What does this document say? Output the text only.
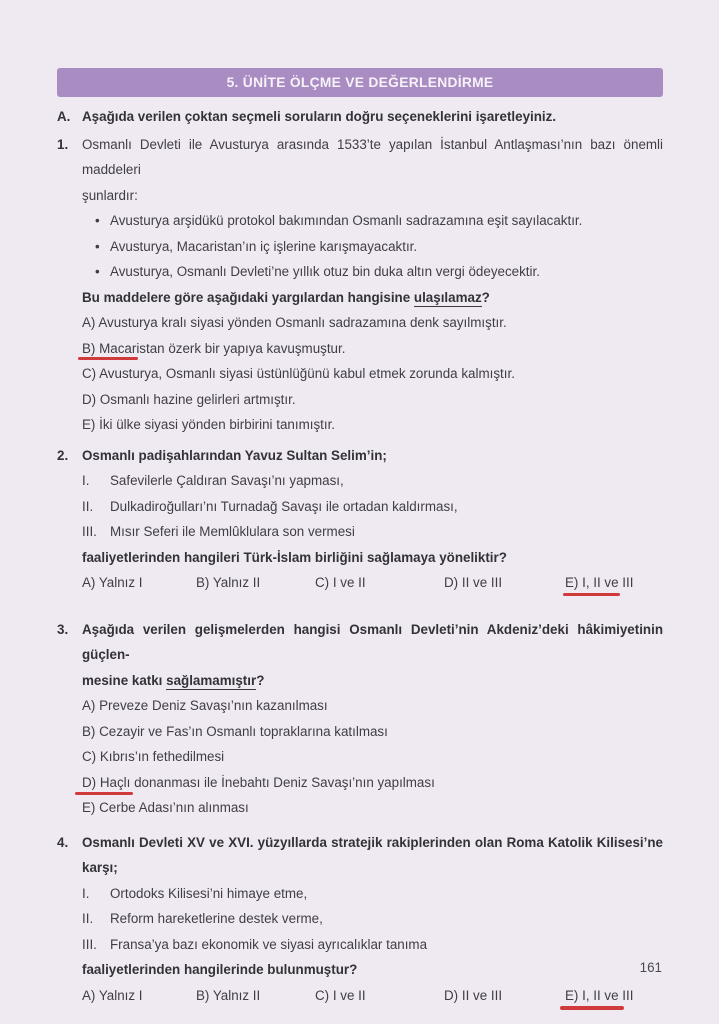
5. ÜNİTE ÖLÇME VE DEĞERLENDİRME
A. Aşağıda verilen çoktan seçmeli soruların doğru seçeneklerini işaretleyiniz.
1.	Osmanlı Devleti ile Avusturya arasında 1533’te yapılan İstanbul Antlaşması’nın bazı önemli maddeleri
şunlardır:
• Avusturya arşidükü protokol bakımından Osmanlı sadrazamına eşit sayılacaktır.
• Avusturya, Macaristan’ın iç işlerine karışmayacaktır.
• Avusturya, Osmanlı Devleti’ne yıllık otuz bin duka altın vergi ödeyecektir.
Bu maddelere göre aşağıdaki yargılardan hangisine ulaşılamaz?
A) Avusturya kralı siyasi yönden Osmanlı sadrazamına denk sayılmıştır.
B) Macaristan özerk bir yapıya kavuşmuştur.
C) Avusturya, Osmanlı siyasi üstünlüğünü kabul etmek zorunda kalmıştır.
D) Osmanlı hazine gelirleri artmıştır.
E) İki ülke siyasi yönden birbirini tanımıştır.
2.	Osmanlı padişahlarından Yavuz Sultan Selim’in;
I. Safevilerle Çaldıran Savaşı’nı yapması,
II. Dulkadiroğulları’nı Turnadağ Savaşı ile ortadan kaldırması,
III. Mısır Seferi ile Memlûklulara son vermesi
faaliyetlerinden hangileri Türk-İslam birliğini sağlamaya yöneliktir?
A) Yalnız I	B) Yalnız II	C) I ve II	D) II ve III	E) I, II ve III
3.	Aşağıda verilen gelişmelerden hangisi Osmanlı Devleti’nin Akdeniz’deki hâkimiyetinin güçlen-
mesine katkı sağlamamıştır?
A) Preveze Deniz Savaşı’nın kazanılması
B) Cezayir ve Fas’ın Osmanlı topraklarına katılması
C) Kıbrıs’ın fethedilmesi
D) Haçlı donanması ile İnebahtı Deniz Savaşı’nın yapılması
E) Cerbe Adası’nın alınması
4.	Osmanlı Devleti XV ve XVI. yüzyıllarda stratejik rakiplerinden olan Roma Katolik Kilisesi’ne
karşı;
I. Ortodoks Kilisesi’ni himaye etme,
II. Reform hareketlerine destek verme,
III. Fransa’ya bazı ekonomik ve siyasi ayrıcalıklar tanıma
faaliyetlerinden hangilerinde bulunmuştur?
A) Yalnız I	B) Yalnız II	C) I ve II	D) II ve III	E) I, II ve III
161
